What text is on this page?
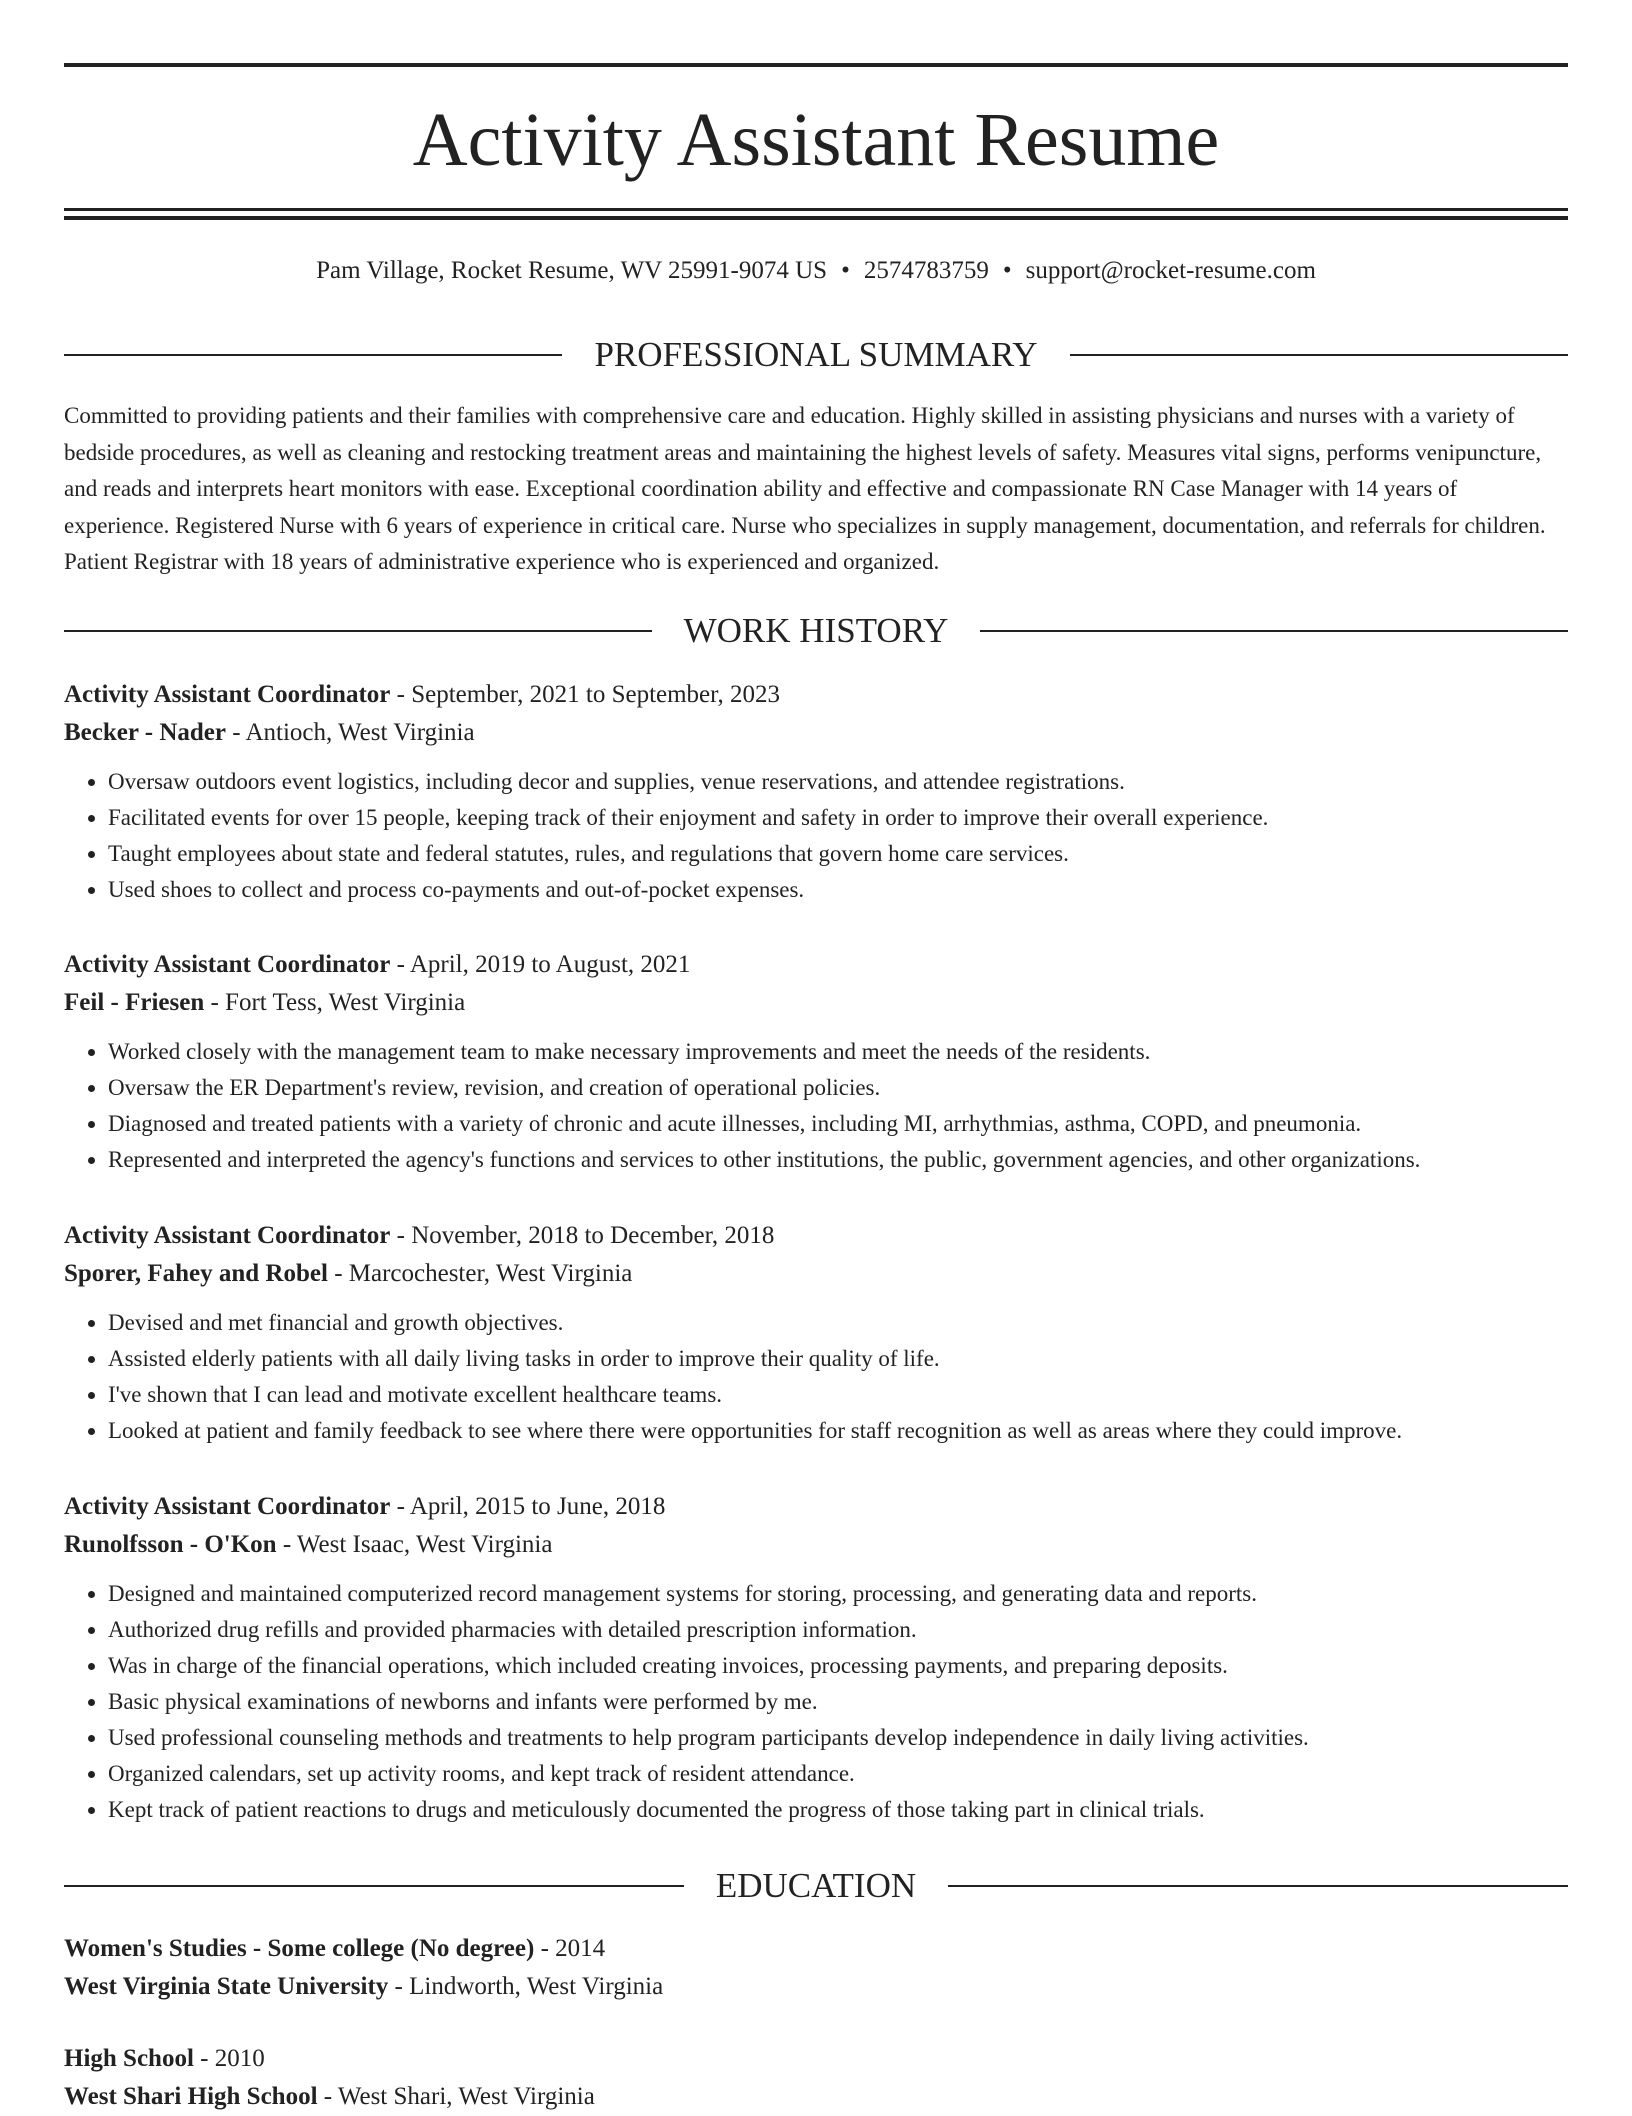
Activity Assistant Resume
Pam Village, Rocket Resume, WV 25991-9074 US • 2574783759 • support@rocket-resume.com
PROFESSIONAL SUMMARY

Committed to providing patients and their families with comprehensive care and education. Highly skilled in assisting physicians and nurses with a variety of bedside procedures, as well as cleaning and restocking treatment areas and maintaining the highest levels of safety. Measures vital signs, performs venipuncture, and reads and interprets heart monitors with ease. Exceptional coordination ability and effective and compassionate RN Case Manager with 14 years of experience. Registered Nurse with 6 years of experience in critical care. Nurse who specializes in supply management, documentation, and referrals for children. Patient Registrar with 18 years of administrative experience who is experienced and organized.

WORK HISTORY
Activity Assistant Coordinator - September, 2021 to September, 2023
Becker - Nader - Antioch, West Virginia
• Oversaw outdoors event logistics, including decor and supplies, venue reservations, and attendee registrations.
• Facilitated events for over 15 people, keeping track of their enjoyment and safety in order to improve their overall experience.
• Taught employees about state and federal statutes, rules, and regulations that govern home care services.
• Used shoes to collect and process co-payments and out-of-pocket expenses.
Activity Assistant Coordinator - April, 2019 to August, 2021
Feil - Friesen - Fort Tess, West Virginia
• Worked closely with the management team to make necessary improvements and meet the needs of the residents.
• Oversaw the ER Department's review, revision, and creation of operational policies.
• Diagnosed and treated patients with a variety of chronic and acute illnesses, including MI, arrhythmias, asthma, COPD, and pneumonia.
• Represented and interpreted the agency's functions and services to other institutions, the public, government agencies, and other organizations.
Activity Assistant Coordinator - November, 2018 to December, 2018
Sporer, Fahey and Robel - Marcochester, West Virginia
• Devised and met financial and growth objectives.
• Assisted elderly patients with all daily living tasks in order to improve their quality of life.
• I've shown that I can lead and motivate excellent healthcare teams.
• Looked at patient and family feedback to see where there were opportunities for staff recognition as well as areas where they could improve.
Activity Assistant Coordinator - April, 2015 to June, 2018
Runolfsson - O'Kon - West Isaac, West Virginia
• Designed and maintained computerized record management systems for storing, processing, and generating data and reports.
• Authorized drug refills and provided pharmacies with detailed prescription information.
• Was in charge of the financial operations, which included creating invoices, processing payments, and preparing deposits.
• Basic physical examinations of newborns and infants were performed by me.
• Used professional counseling methods and treatments to help program participants develop independence in daily living activities.
• Organized calendars, set up activity rooms, and kept track of resident attendance.
• Kept track of patient reactions to drugs and meticulously documented the progress of those taking part in clinical trials.
EDUCATION
Women's Studies - Some college (No degree) - 2014
West Virginia State University - Lindworth, West Virginia
High School - 2010
West Shari High School - West Shari, West Virginia
